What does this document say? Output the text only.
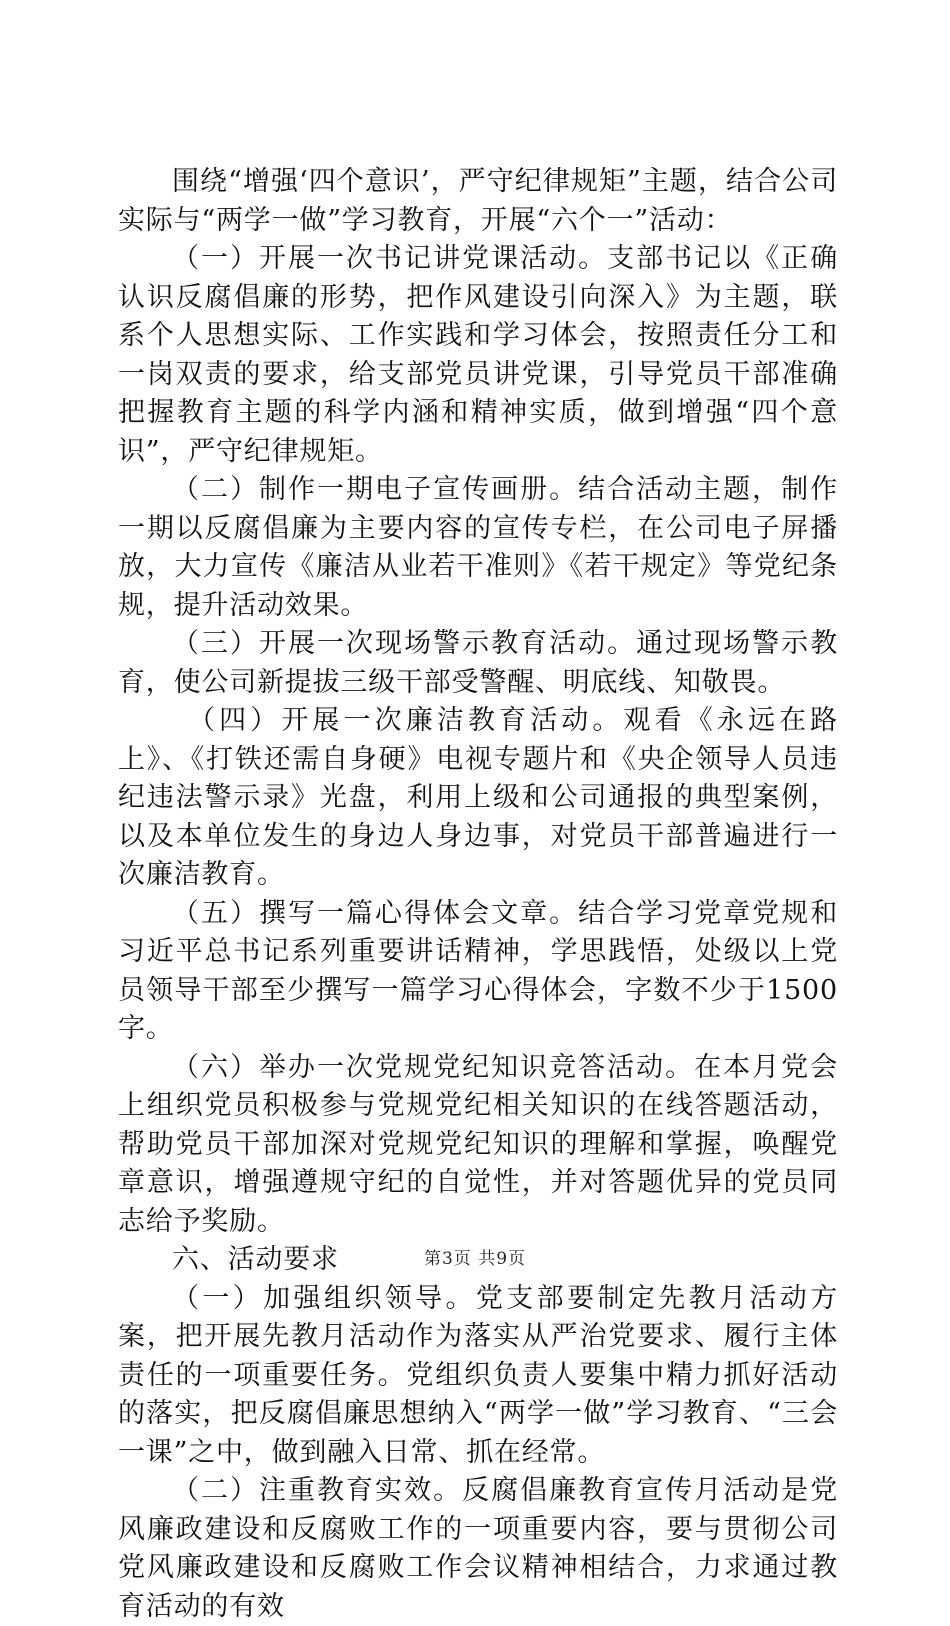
围绕“增强‘四个意识’，严守纪律规矩”主题，结合公司实际与“两学一做”学习教育，开展“六个一”活动：

（一）开展一次书记讲党课活动。支部书记以《正确认识反腐倡廉的形势，把作风建设引向深入》为主题，联系个人思想实际、工作实践和学习体会，按照责任分工和一岗双责的要求，给支部党员讲党课，引导党员干部准确把握教育主题的科学内涵和精神实质，做到增强“四个意识”，严守纪律规矩。

（二）制作一期电子宣传画册。结合活动主题，制作一期以反腐倡廉为主要内容的宣传专栏，在公司电子屏播放，大力宣传《廉洁从业若干准则》《若干规定》等党纪条规，提升活动效果。

（三）开展一次现场警示教育活动。通过现场警示教育，使公司新提拔三级干部受警醒、明底线、知敬畏。

（四）开展一次廉洁教育活动。观看《永远在路上》、《打铁还需自身硬》电视专题片和《央企领导人员违纪违法警示录》光盘，利用上级和公司通报的典型案例，以及本单位发生的身边人身边事，对党员干部普遍进行一次廉洁教育。

（五）撰写一篇心得体会文章。结合学习党章党规和习近平总书记系列重要讲话精神，学思践悟，处级以上党员领导干部至少撰写一篇学习心得体会，字数不少于1500字。

（六）举办一次党规党纪知识竞答活动。在本月党会上组织党员积极参与党规党纪相关知识的在线答题活动，帮助党员干部加深对党规党纪知识的理解和掌握，唤醒党章意识，增强遵规守纪的自觉性，并对答题优异的党员同志给予奖励。

六、活动要求

（一）加强组织领导。党支部要制定先教月活动方案，把开展先教月活动作为落实从严治党要求、履行主体责任的一项重要任务。党组织负责人要集中精力抓好活动的落实，把反腐倡廉思想纳入“两学一做”学习教育、“三会一课”之中，做到融入日常、抓在经常。

（二）注重教育实效。反腐倡廉教育宣传月活动是党风廉政建设和反腐败工作的一项重要内容，要与贯彻公司党风廉政建设和反腐败工作会议精神相结合，力求通过教育活动的有效

第3页 共9页
